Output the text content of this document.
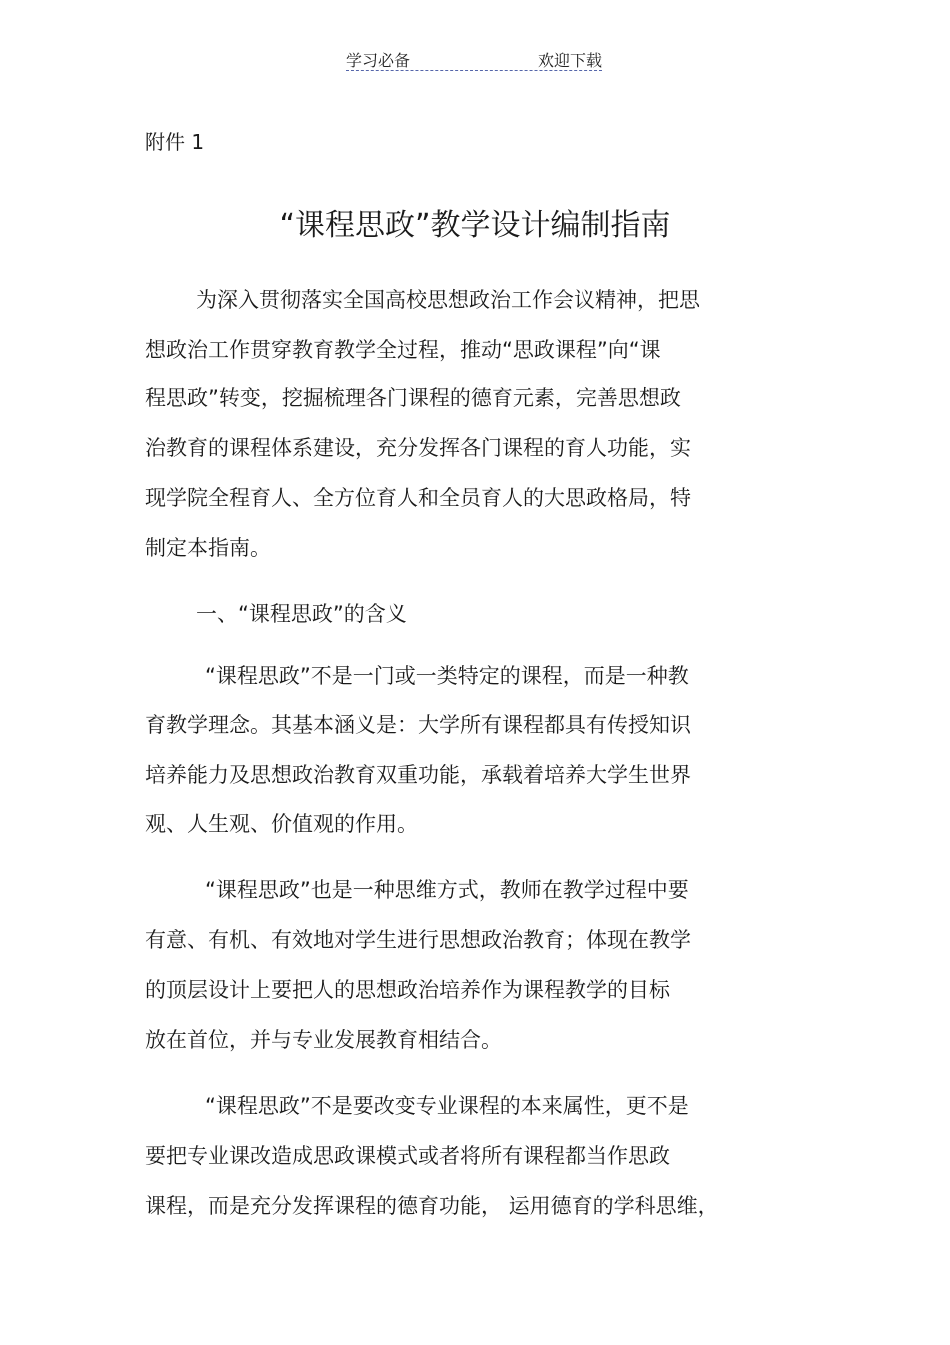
学习必备	欢迎下载
附件 1
“课程思政”教学设计编制指南
为深入贯彻落实全国高校思想政治工作会议精神，把思
想政治工作贯穿教育教学全过程，推动“思政课程”向“课
程思政”转变，挖掘梳理各门课程的德育元素，完善思想政
治教育的课程体系建设，充分发挥各门课程的育人功能，实
现学院全程育人、全方位育人和全员育人的大思政格局，特
制定本指南。
一、“课程思政”的含义
“课程思政”不是一门或一类特定的课程，而是一种教
育教学理念。其基本涵义是：大学所有课程都具有传授知识
培养能力及思想政治教育双重功能，承载着培养大学生世界
观、人生观、价值观的作用。
“课程思政”也是一种思维方式，教师在教学过程中要
有意、有机、有效地对学生进行思想政治教育；体现在教学
的顶层设计上要把人的思想政治培养作为课程教学的目标
放在首位，并与专业发展教育相结合。
“课程思政”不是要改变专业课程的本来属性，更不是
要把专业课改造成思政课模式或者将所有课程都当作思政
课程，而是充分发挥课程的德育功能， 运用德育的学科思维，
